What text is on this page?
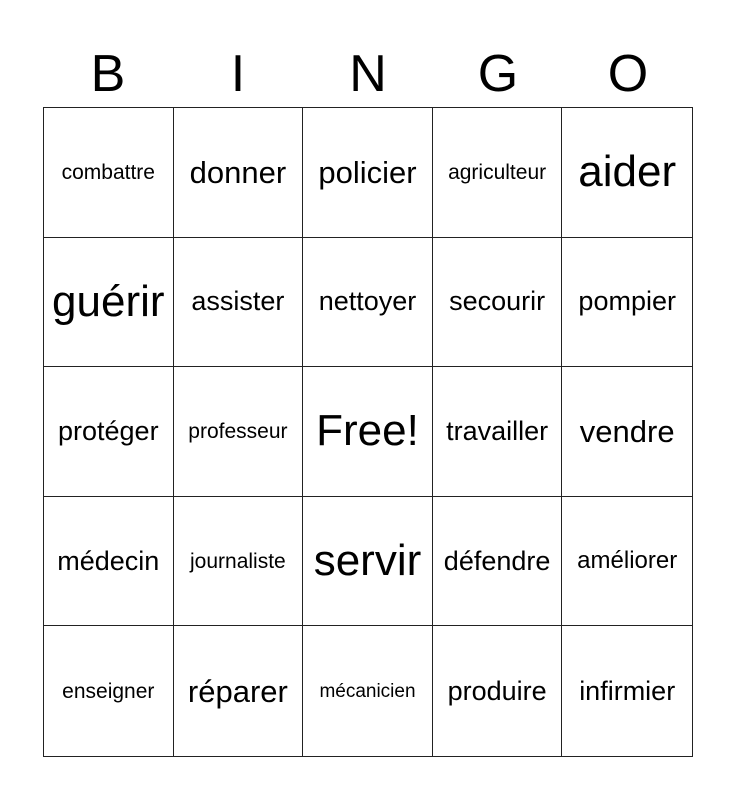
B	I	N	G	O
combattre donner policier agriculteur aider
guérir assister nettoyer secourir pompier
protéger professeur Free! travailler vendre
médecin journaliste servir défendre améliorer
enseigner réparer mécanicien produire infirmier
